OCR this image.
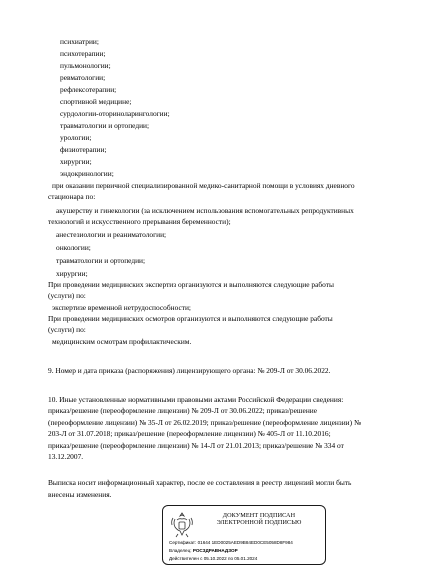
психиатрии;
психотерапии;
пульмонологии;
ревматологии;
рефлексотерапии;
спортивной медицине;
сурдологии-оториноларингологии;
травматологии и ортопедии;
урологии;
физиотерапии;
хирургии;
эндокринологии;
при оказании первичной специализированной медико-санитарной помощи в условиях дневного
стационара по:
акушерству и гинекологии (за исключением использования вспомогательных репродуктивных
технологий и искусственного прерывания беременности);
анестезиологии и реаниматологии;
онкологии;
травматологии и ортопедии;
хирургии;
При проведении медицинских экспертиз организуются и выполняются следующие работы
(услуги) по:
экспертизе временной нетрудоспособности;
При проведении медицинских осмотров организуются и выполняются следующие работы
(услуги) по:
медицинским осмотрам профилактическим.
9. Номер и дата приказа (распоряжения) лицензирующего органа: № 209-Л от 30.06.2022.
10. Иные установленные нормативными правовыми актами Российской Федерации сведения:
приказ/решение (переоформление лицензии) № 209-Л от 30.06.2022; приказ/решение
(переоформление лицензии) № 35-Л от 26.02.2019; приказ/решение (переоформление лицензии) №
203-Л от 31.07.2018; приказ/решение (переоформление лицензии) № 405-Л от 11.10.2016;
приказ/решение (переоформление лицензии) № 14-Л от 21.01.2013; приказ/решение № 334 от
13.12.2007.
Выписка носит информационный характер, после ее составления в реестр лицензий могли быть
внесены изменения.
ДОКУМЕНТ ПОДПИСАН
ЭЛЕКТРОННОЙ ПОДПИСЬЮ
Сертификат: 01644 1ED0025AED9B84ED0CE5058D8F984
Владелец: РОСЗДРАВНАДЗОР
Действителен с 05.10.2022 по 05.01.2024
